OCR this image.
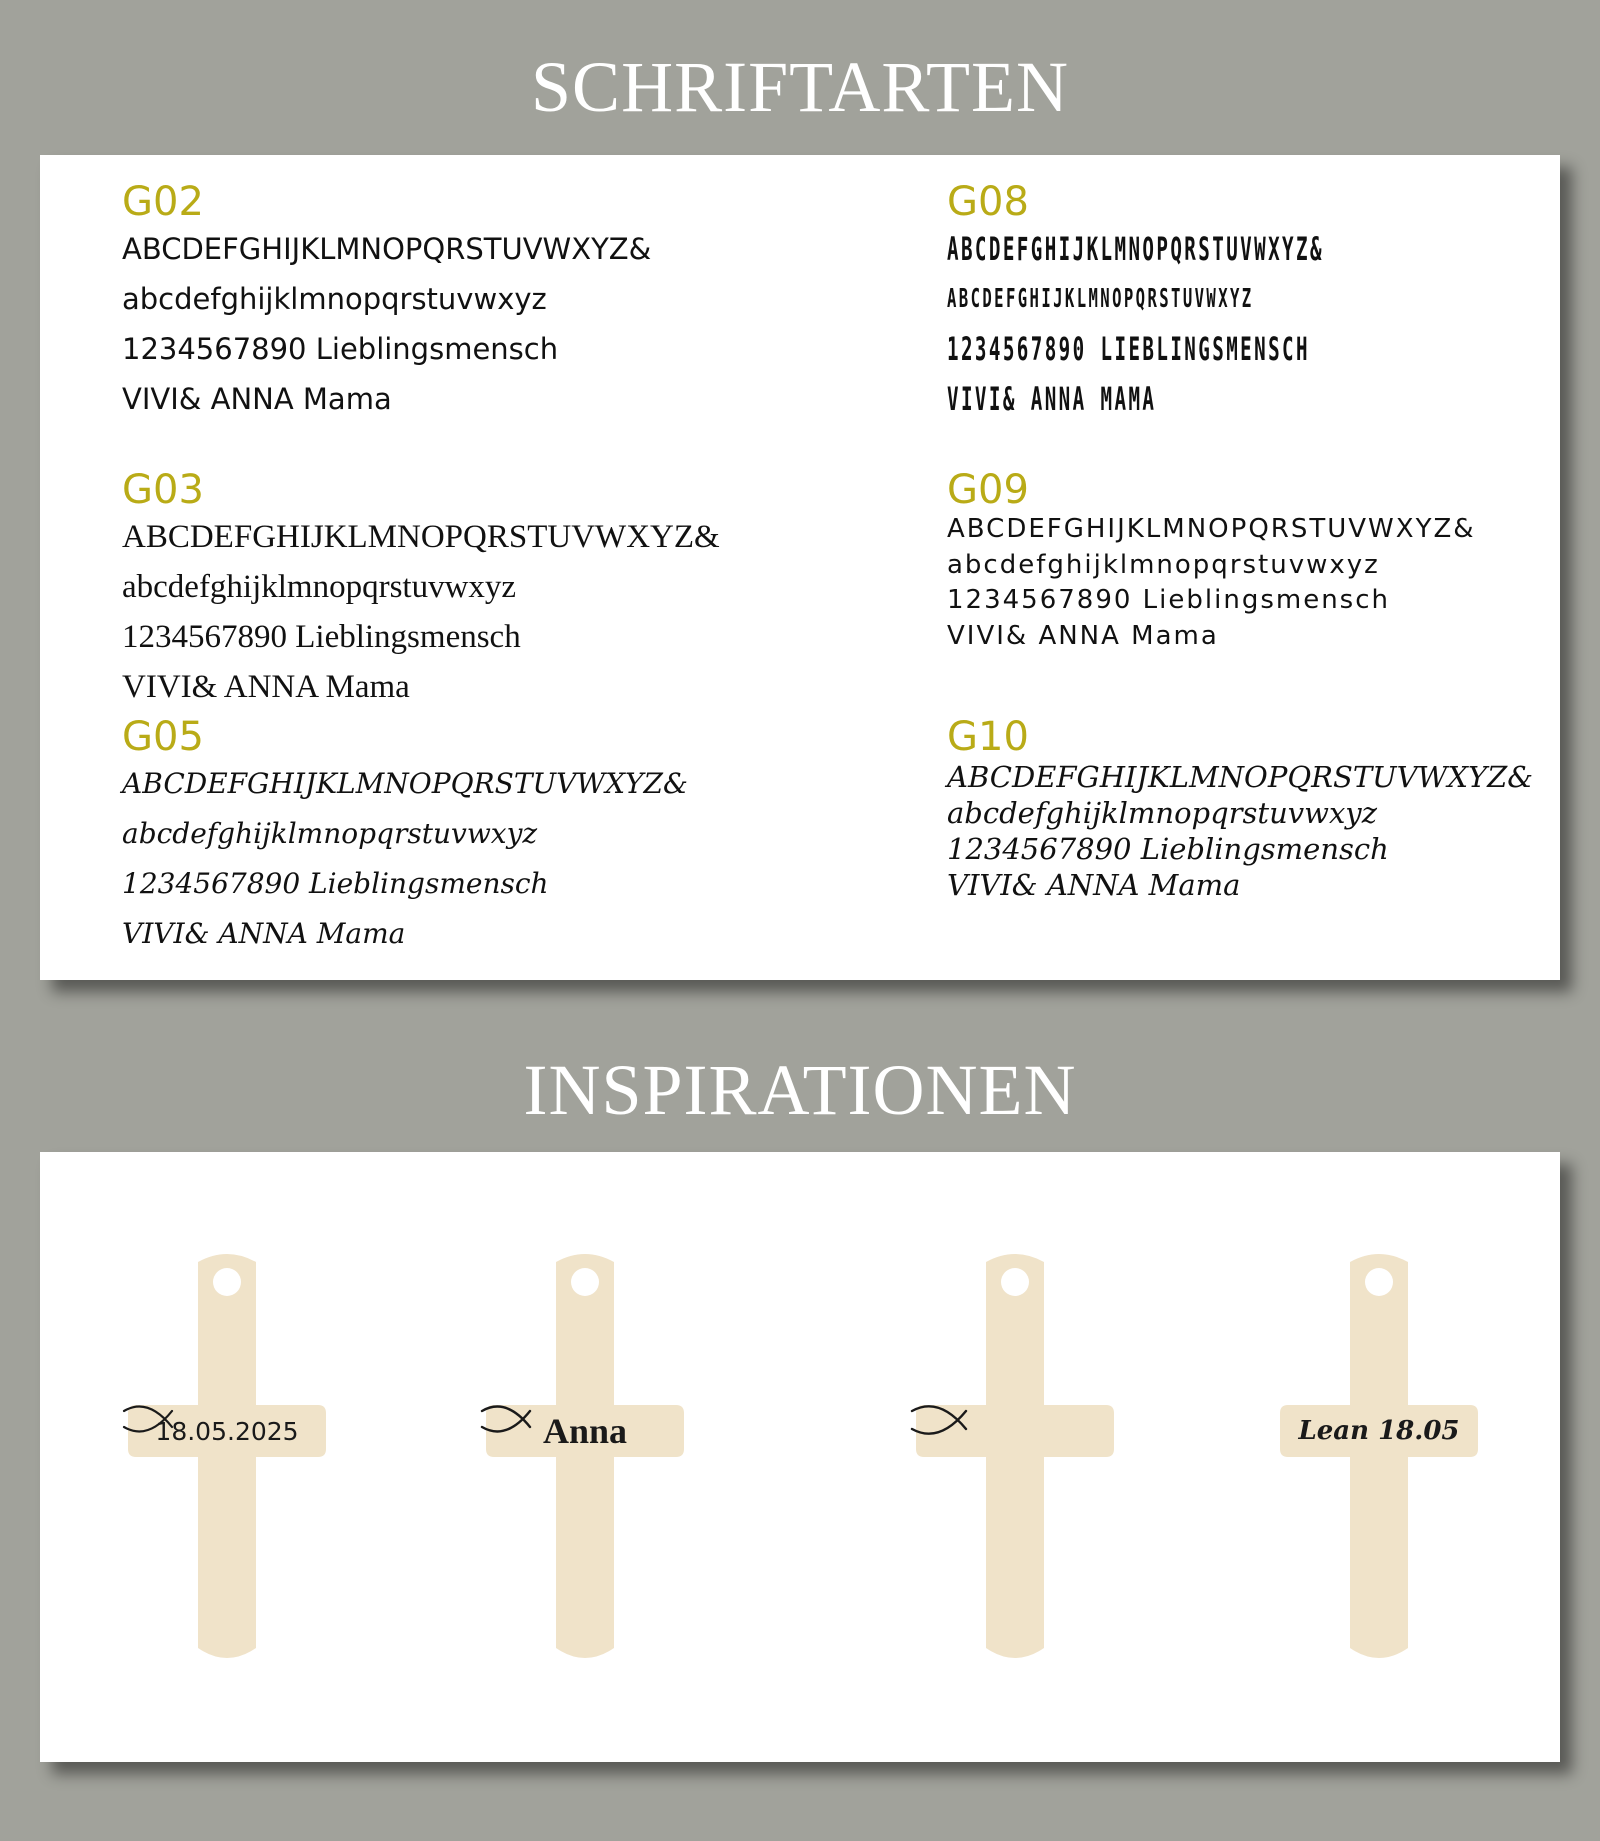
SCHRIFTARTEN
G02
ABCDEFGHIJKLMNOPQRSTUVWXYZ&
abcdefghijklmnopqrstuvwxyz
1234567890 Lieblingsmensch
VIVI& ANNA Mama
G03
ABCDEFGHIJKLMNOPQRSTUVWXYZ&
abcdefghijklmnopqrstuvwxyz
1234567890 Lieblingsmensch
VIVI& ANNA Mama
G05
ABCDEFGHIJKLMNOPQRSTUVWXYZ&
abcdefghijklmnopqrstuvwxyz
1234567890 Lieblingsmensch
VIVI& ANNA Mama
G08
ABCDEFGHIJKLMNOPQRSTUVWXYZ&
ABCDEFGHIJKLMNOPQRSTUVWXYZ
1234567890 LIEBLINGSMENSCH
VIVI& ANNA MAMA
G09
ABCDEFGHIJKLMNOPQRSTUVWXYZ&
abcdefghijklmnopqrstuvwxyz
1234567890 Lieblingsmensch
VIVI& ANNA Mama
G10
ABCDEFGHIJKLMNOPQRSTUVWXYZ&
abcdefghijklmnopqrstuvwxyz
1234567890 Lieblingsmensch
VIVI& ANNA Mama
INSPIRATIONEN
18.05.2025	Anna	Lean 18.05
